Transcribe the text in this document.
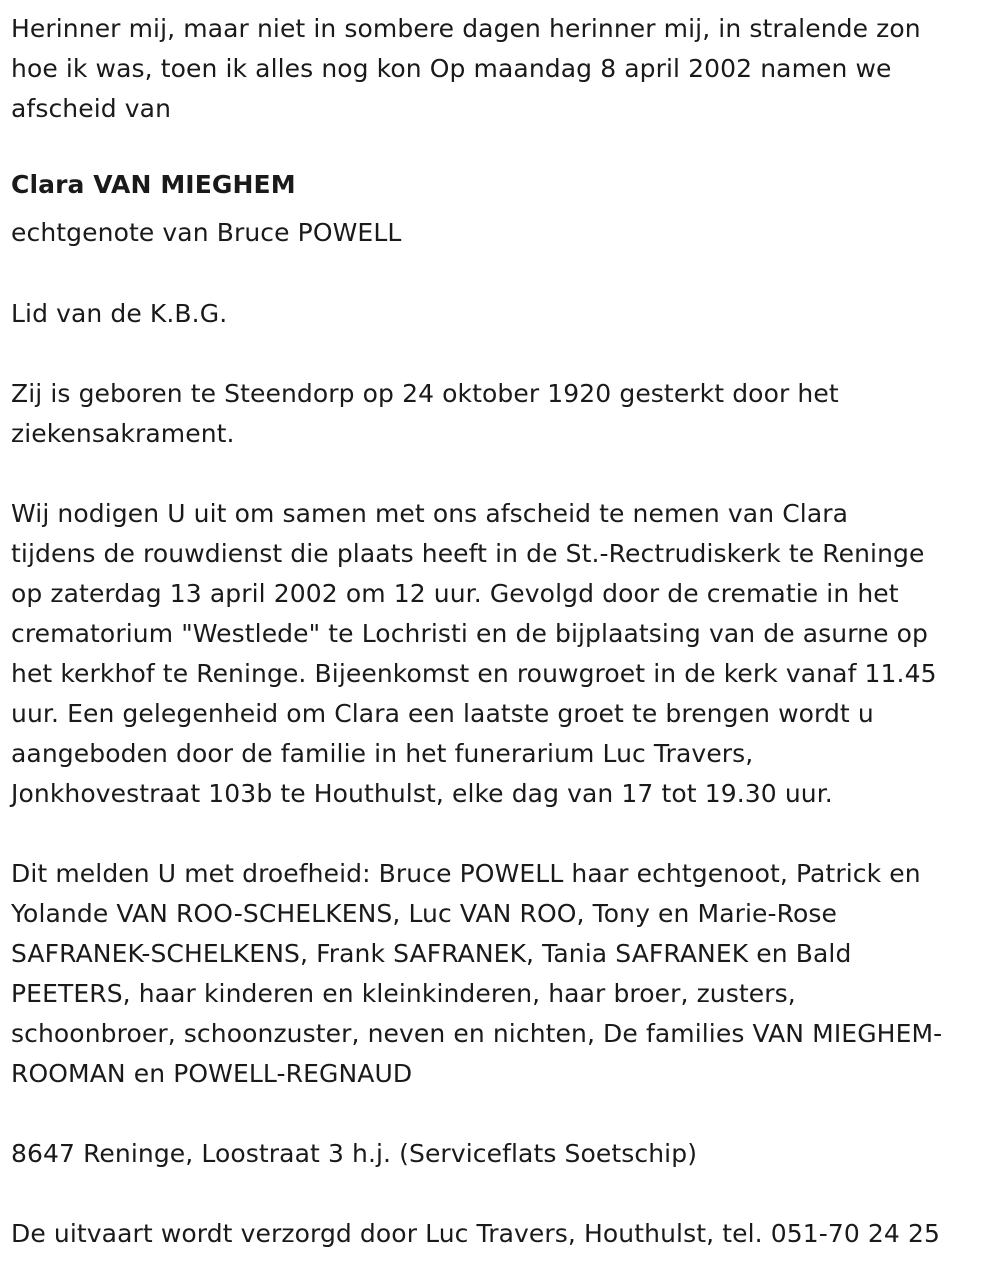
Herinner mij, maar niet in sombere dagen herinner mij, in stralende zon
hoe ik was, toen ik alles nog kon Op maandag 8 april 2002 namen we
afscheid van
Clara VAN MIEGHEM
echtgenote van Bruce POWELL
Lid van de K.B.G.
Zij is geboren te Steendorp op 24 oktober 1920 gesterkt door het
ziekensakrament.
Wij nodigen U uit om samen met ons afscheid te nemen van Clara
tijdens de rouwdienst die plaats heeft in de St.-Rectrudiskerk te Reninge
op zaterdag 13 april 2002 om 12 uur. Gevolgd door de crematie in het
crematorium "Westlede" te Lochristi en de bijplaatsing van de asurne op
het kerkhof te Reninge. Bijeenkomst en rouwgroet in de kerk vanaf 11.45
uur. Een gelegenheid om Clara een laatste groet te brengen wordt u
aangeboden door de familie in het funerarium Luc Travers,
Jonkhovestraat 103b te Houthulst, elke dag van 17 tot 19.30 uur.
Dit melden U met droefheid: Bruce POWELL haar echtgenoot, Patrick en
Yolande VAN ROO-SCHELKENS, Luc VAN ROO, Tony en Marie-Rose
SAFRANEK-SCHELKENS, Frank SAFRANEK, Tania SAFRANEK en Bald
PEETERS, haar kinderen en kleinkinderen, haar broer, zusters,
schoonbroer, schoonzuster, neven en nichten, De families VAN MIEGHEM-
ROOMAN en POWELL-REGNAUD
8647 Reninge, Loostraat 3 h.j. (Serviceflats Soetschip)
De uitvaart wordt verzorgd door Luc Travers, Houthulst, tel. 051-70 24 25
